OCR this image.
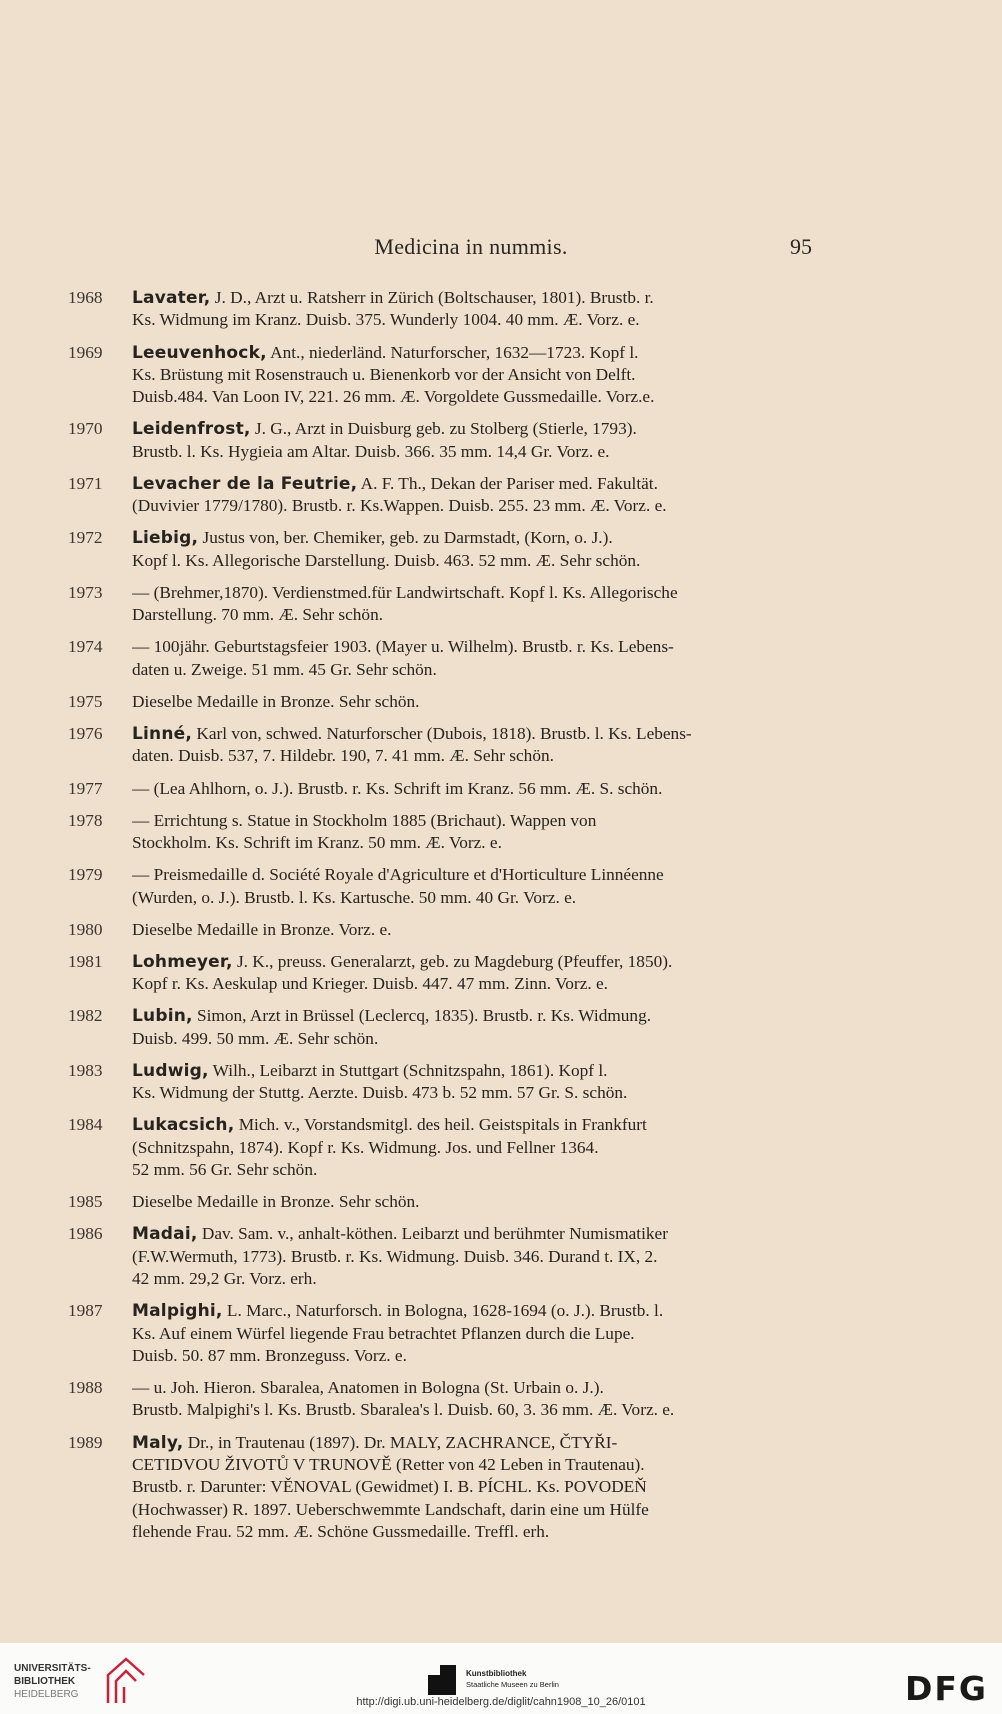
Medicina in nummis.	95
1968 Lavater, J. D., Arzt u. Ratsherr in Zürich (Boltschauser, 1801). Brustb. r.
Ks. Widmung im Kranz. Duisb. 375. Wunderly 1004. 40 mm. Æ. Vorz. e.
1969 Leeuvenhock, Ant., niederländ. Naturforscher, 1632—1723. Kopf l.
Ks. Brüstung mit Rosenstrauch u. Bienenkorb vor der Ansicht von Delft.
Duisb.484. Van Loon IV, 221. 26 mm. Æ. Vorgoldete Gussmedaille. Vorz.e.
1970 Leidenfrost, J. G., Arzt in Duisburg geb. zu Stolberg (Stierle, 1793).
Brustb. l. Ks. Hygieia am Altar. Duisb. 366. 35 mm. 14,4 Gr. Vorz. e.
1971 Levacher de la Feutrie, A. F. Th., Dekan der Pariser med. Fakultät.
(Duvivier 1779/1780). Brustb. r. Ks.Wappen. Duisb. 255. 23 mm. Æ. Vorz. e.
1972 Liebig, Justus von, ber. Chemiker, geb. zu Darmstadt, (Korn, o. J.).
Kopf l. Ks. Allegorische Darstellung. Duisb. 463. 52 mm. Æ. Sehr schön.
1973 — (Brehmer,1870). Verdienstmed.für Landwirtschaft. Kopf l. Ks. Allegorische
Darstellung. 70 mm. Æ. Sehr schön.
1974 — 100jähr. Geburtstagsfeier 1903. (Mayer u. Wilhelm). Brustb. r. Ks. Lebens-
daten u. Zweige. 51 mm. 45 Gr. Sehr schön.
1975 Dieselbe Medaille in Bronze. Sehr schön.
1976 Linné, Karl von, schwed. Naturforscher (Dubois, 1818). Brustb. l. Ks. Lebens-
daten. Duisb. 537, 7. Hildebr. 190, 7. 41 mm. Æ. Sehr schön.
1977 — (Lea Ahlhorn, o. J.). Brustb. r. Ks. Schrift im Kranz. 56 mm. Æ. S. schön.
1978 — Errichtung s. Statue in Stockholm 1885 (Brichaut). Wappen von
Stockholm. Ks. Schrift im Kranz. 50 mm. Æ. Vorz. e.
1979 — Preismedaille d. Société Royale d'Agriculture et d'Horticulture Linnéenne
(Wurden, o. J.). Brustb. l. Ks. Kartusche. 50 mm. 40 Gr. Vorz. e.
1980 Dieselbe Medaille in Bronze. Vorz. e.
1981 Lohmeyer, J. K., preuss. Generalarzt, geb. zu Magdeburg (Pfeuffer, 1850).
Kopf r. Ks. Aeskulap und Krieger. Duisb. 447. 47 mm. Zinn. Vorz. e.
1982 Lubin, Simon, Arzt in Brüssel (Leclercq, 1835). Brustb. r. Ks. Widmung.
Duisb. 499. 50 mm. Æ. Sehr schön.
1983 Ludwig, Wilh., Leibarzt in Stuttgart (Schnitzspahn, 1861). Kopf l.
Ks. Widmung der Stuttg. Aerzte. Duisb. 473 b. 52 mm. 57 Gr. S. schön.
1984 Lukacsich, Mich. v., Vorstandsmitgl. des heil. Geistspitals in Frankfurt
(Schnitzspahn, 1874). Kopf r. Ks. Widmung. Jos. und Fellner 1364.
52 mm. 56 Gr. Sehr schön.
1985 Dieselbe Medaille in Bronze. Sehr schön.
1986 Madai, Dav. Sam. v., anhalt-köthen. Leibarzt und berühmter Numismatiker
(F.W.Wermuth, 1773). Brustb. r. Ks. Widmung. Duisb. 346. Durand t. IX, 2.
42 mm. 29,2 Gr. Vorz. erh.
1987 Malpighi, L. Marc., Naturforsch. in Bologna, 1628-1694 (o. J.). Brustb. l.
Ks. Auf einem Würfel liegende Frau betrachtet Pflanzen durch die Lupe.
Duisb. 50. 87 mm. Bronzeguss. Vorz. e.
1988 — u. Joh. Hieron. Sbaralea, Anatomen in Bologna (St. Urbain o. J.).
Brustb. Malpighi's l. Ks. Brustb. Sbaralea's l. Duisb. 60, 3. 36 mm. Æ. Vorz. e.
1989 Maly, Dr., in Trautenau (1897). Dr. MALY, ZACHRANCE, ČTYŘI-
CETIDVOU ŽIVOTŮ V TRUNOVĚ (Retter von 42 Leben in Trautenau).
Brustb. r. Darunter: VĚNOVAL (Gewidmet) I. B. PÍCHL. Ks. POVODEŇ
(Hochwasser) R. 1897. Ueberschwemmte Landschaft, darin eine um Hülfe
flehende Frau. 52 mm. Æ. Schöne Gussmedaille. Treffl. erh.
UNIVERSITÄTS-
BIBLIOTHEK
HEIDELBERG
Kunstbibliothek
Staatliche Museen zu Berlin	DFG
http://digi.ub.uni-heidelberg.de/diglit/cahn1908_10_26/0101
